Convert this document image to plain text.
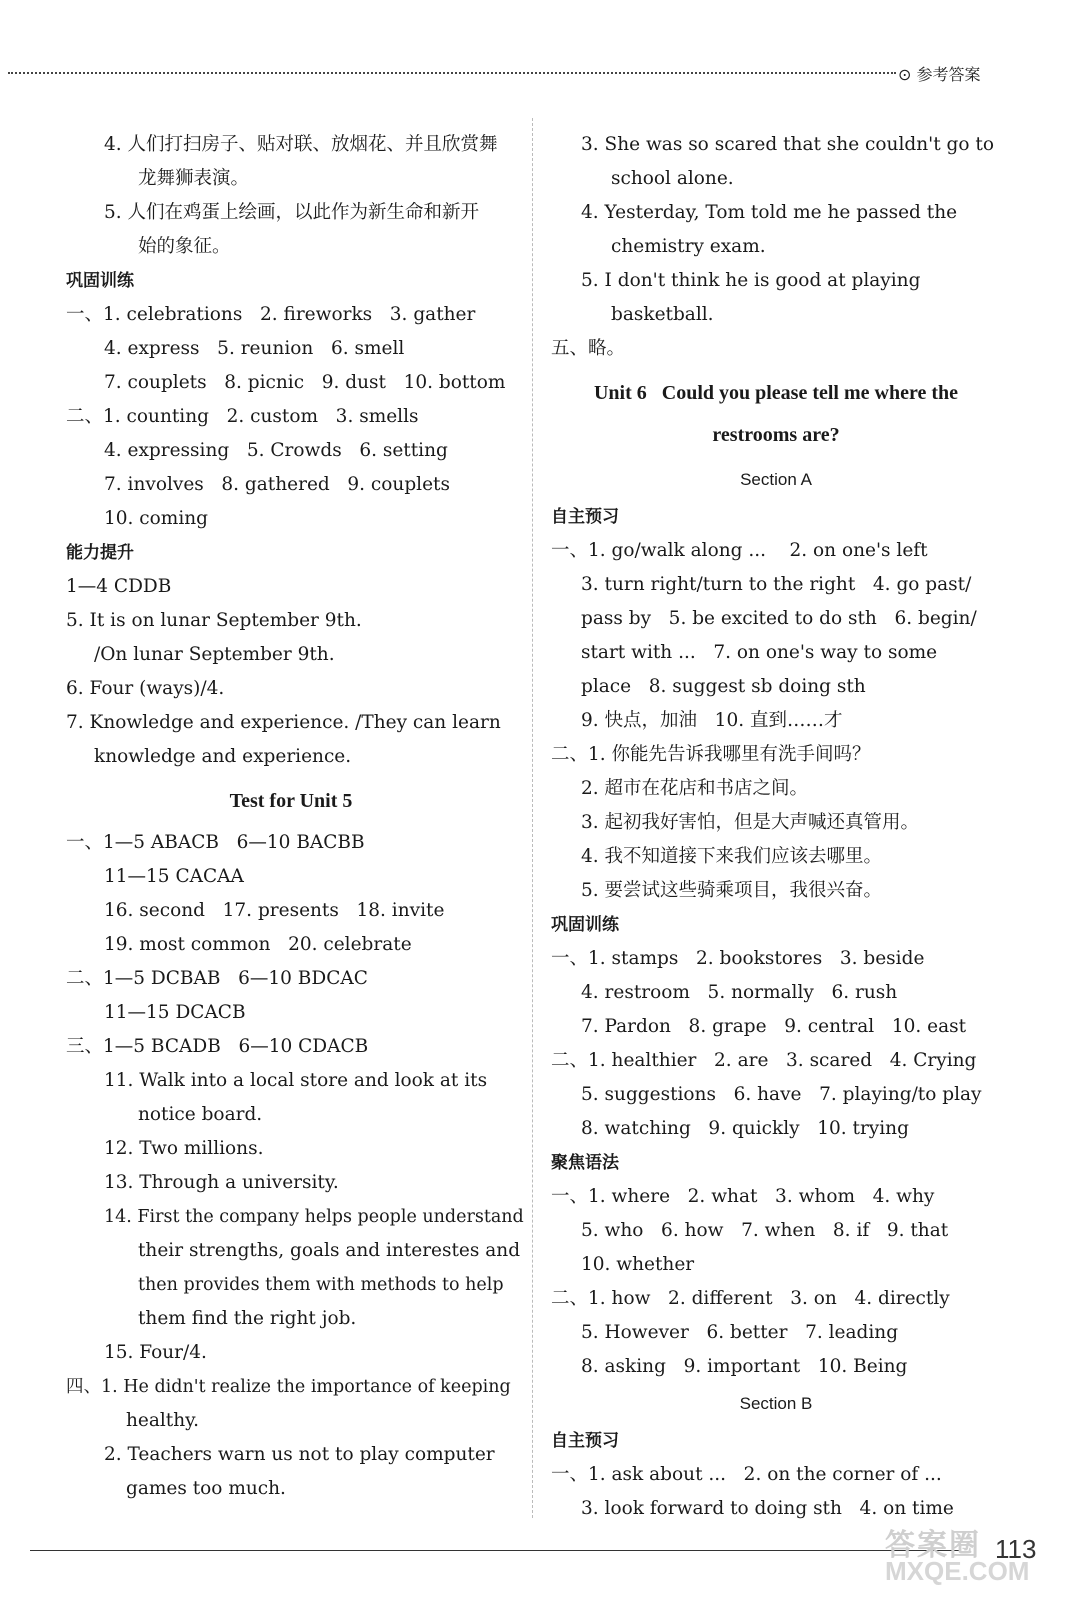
⊙ 参考答案
4. 人们打扫房子、贴对联、放烟花、并且欣赏舞
龙舞狮表演。
5. 人们在鸡蛋上绘画，以此作为新生命和新开
始的象征。
巩固训练
一、1. celebrations   2. fireworks   3. gather
4. express   5. reunion   6. smell
7. couplets   8. picnic   9. dust   10. bottom
二、1. counting   2. custom   3. smells
4. expressing   5. Crowds   6. setting
7. involves   8. gathered   9. couplets
10. coming
能力提升
1—4 CDDB
5. It is on lunar September 9th.
/On lunar September 9th.
6. Four (ways)/4.
7. Knowledge and experience. /They can learn
knowledge and experience.
Test for Unit 5
一、1—5 ABACB   6—10 BACBB
11—15 CACAA
16. second   17. presents   18. invite
19. most common   20. celebrate
二、1—5 DCBAB   6—10 BDCAC
11—15 DCACB
三、1—5 BCADB   6—10 CDACB
11. Walk into a local store and look at its
notice board.
12. Two millions.
13. Through a university.
14. First the company helps people understand
their strengths, goals and interestes and
then provides them with methods to help
them find the right job.
15. Four/4.
四、1. He didn't realize the importance of keeping
healthy.
2. Teachers warn us not to play computer
games too much.
3. She was so scared that she couldn't go to
school alone.
4. Yesterday, Tom told me he passed the
chemistry exam.
5. I don't think he is good at playing
basketball.
五、略。
Unit 6   Could you please tell me where the
restrooms are?
Section A
自主预习
一、1. go/walk along ...    2. on one's left
3. turn right/turn to the right   4. go past/
pass by   5. be excited to do sth   6. begin/
start with ...   7. on one's way to some
place   8. suggest sb doing sth
9. 快点，加油   10. 直到……才
二、1. 你能先告诉我哪里有洗手间吗？
2. 超市在花店和书店之间。
3. 起初我好害怕，但是大声喊还真管用。
4. 我不知道接下来我们应该去哪里。
5. 要尝试这些骑乘项目，我很兴奋。
巩固训练
一、1. stamps   2. bookstores   3. beside
4. restroom   5. normally   6. rush
7. Pardon   8. grape   9. central   10. east
二、1. healthier   2. are   3. scared   4. Crying
5. suggestions   6. have   7. playing/to play
8. watching   9. quickly   10. trying
聚焦语法
一、1. where   2. what   3. whom   4. why
5. who   6. how   7. when   8. if   9. that
10. whether
二、1. how   2. different   3. on   4. directly
5. However   6. better   7. leading
8. asking   9. important   10. Being
Section B
自主预习
一、1. ask about ...   2. on the corner of ...
3. look forward to doing sth   4. on time
答案圈
MXQE.COM
113
